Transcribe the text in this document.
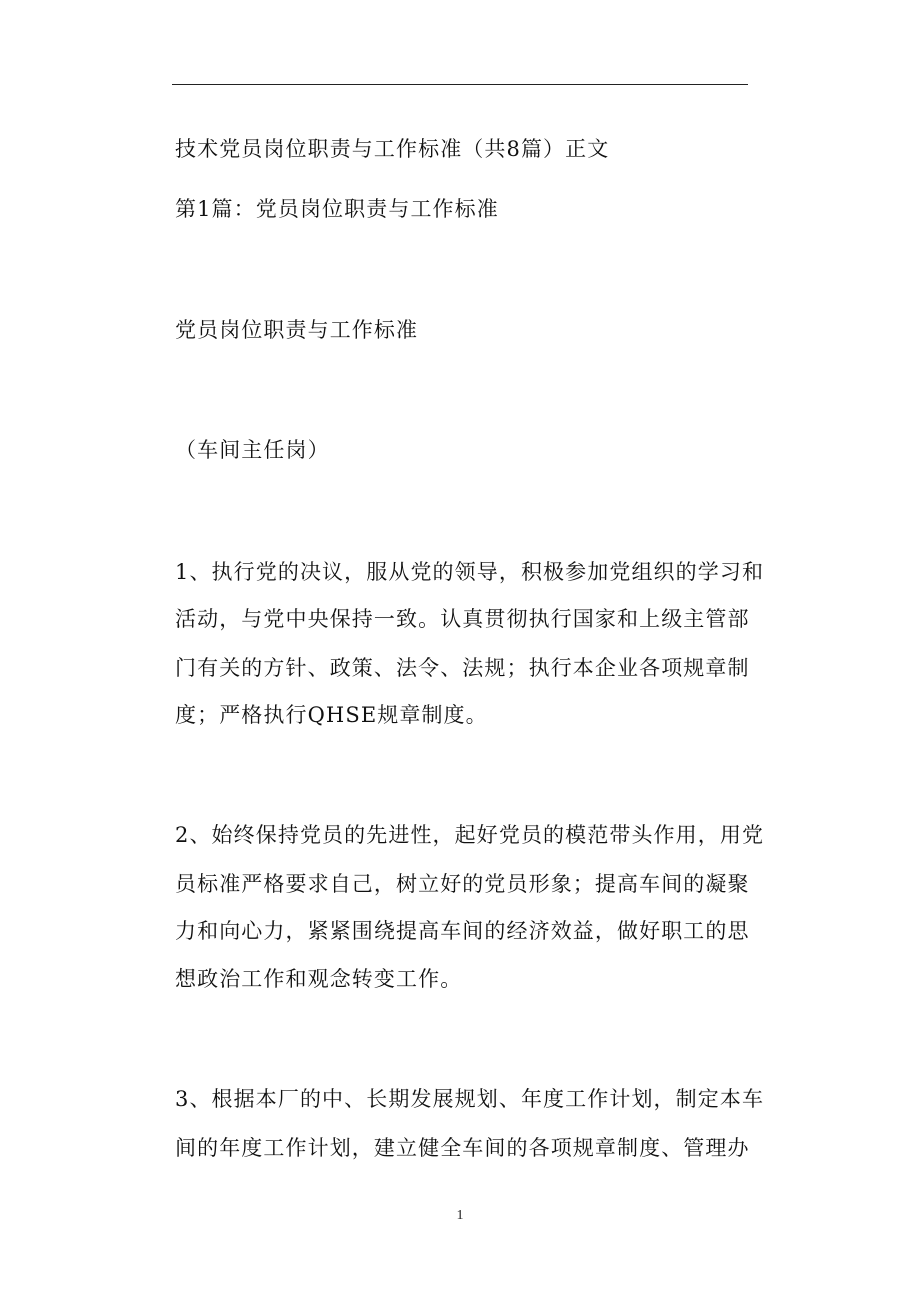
技术党员岗位职责与工作标准（共8篇）正文
第1篇：党员岗位职责与工作标准
党员岗位职责与工作标准
（车间主任岗）
1、执行党的决议，服从党的领导，积极参加党组织的学习和
活动，与党中央保持一致。认真贯彻执行国家和上级主管部
门有关的方针、政策、法令、法规；执行本企业各项规章制
度；严格执行QHSE规章制度。
2、始终保持党员的先进性，起好党员的模范带头作用，用党
员标准严格要求自己，树立好的党员形象；提高车间的凝聚
力和向心力，紧紧围绕提高车间的经济效益，做好职工的思
想政治工作和观念转变工作。
3、根据本厂的中、长期发展规划、年度工作计划，制定本车
间的年度工作计划，建立健全车间的各项规章制度、管理办
1
